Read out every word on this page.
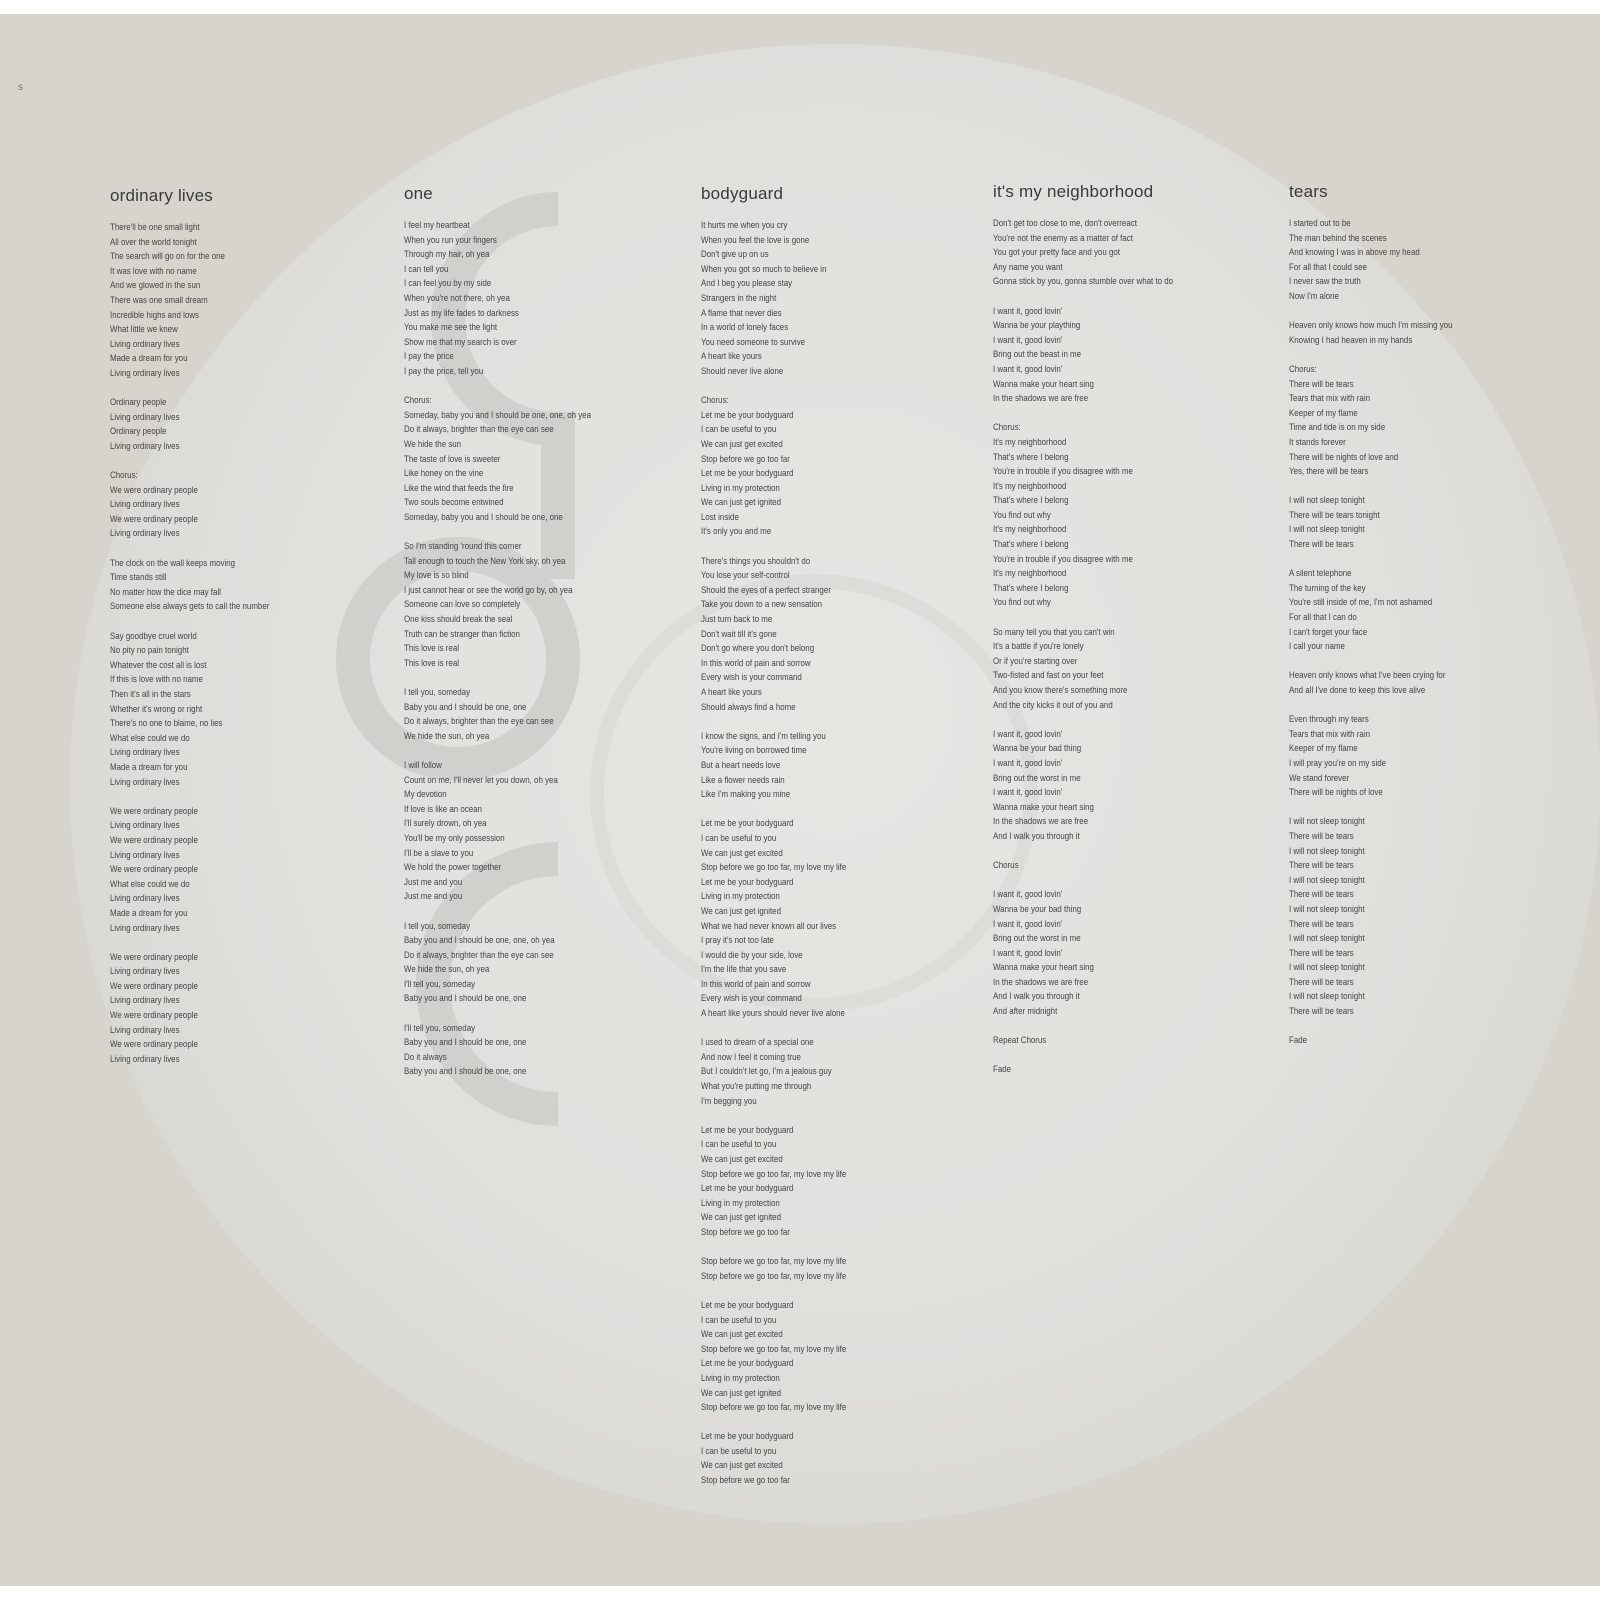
s
ordinary lives
There'll be one small light
All over the world tonight
The search will go on for the one
It was love with no name
And we glowed in the sun
There was one small dream
Incredible highs and lows
What little we knew
Living ordinary lives
Made a dream for you
Living ordinary lives

Ordinary people
Living ordinary lives
Ordinary people
Living ordinary lives

Chorus:
We were ordinary people
Living ordinary lives
We were ordinary people
Living ordinary lives

The clock on the wall keeps moving
Time stands still
No matter how the dice may fall
Someone else always gets to call the number

Say goodbye cruel world
No pity no pain tonight
Whatever the cost all is lost
If this is love with no name
Then it's all in the stars
Whether it's wrong or right
There's no one to blame, no lies
What else could we do
Living ordinary lives
Made a dream for you
Living ordinary lives

We were ordinary people
Living ordinary lives
We were ordinary people
Living ordinary lives
We were ordinary people
What else could we do
Living ordinary lives
Made a dream for you
Living ordinary lives

We were ordinary people
Living ordinary lives
We were ordinary people
Living ordinary lives
We were ordinary people
Living ordinary lives
We were ordinary people
Living ordinary lives
one
I feel my heartbeat
When you run your fingers
Through my hair, oh yea
I can tell you
I can feel you by my side
When you're not there, oh yea
Just as my life fades to darkness
You make me see the light
Show me that my search is over
I pay the price
I pay the price, tell you

Chorus:
Someday, baby you and I should be one, one, oh yea
Do it always, brighter than the eye can see
We hide the sun
The taste of love is sweeter
Like honey on the vine
Like the wind that feeds the fire
Two souls become entwined
Someday, baby you and I should be one, one

So I'm standing 'round this corner
Tall enough to touch the New York sky, oh yea
My love is so blind
I just cannot hear or see the world go by, oh yea
Someone can love so completely
One kiss should break the seal
Truth can be stranger than fiction
This love is real
This love is real

I tell you, someday
Baby you and I should be one, one
Do it always, brighter than the eye can see
We hide the sun, oh yea

I will follow
Count on me, I'll never let you down, oh yea
My devotion
If love is like an ocean
I'll surely drown, oh yea
You'll be my only possession
I'll be a slave to you
We hold the power together
Just me and you
Just me and you

I tell you, someday
Baby you and I should be one, one, oh yea
Do it always, brighter than the eye can see
We hide the sun, oh yea
I'll tell you, someday
Baby you and I should be one, one

I'll tell you, someday
Baby you and I should be one, one
Do it always
Baby you and I should be one, one
bodyguard
It hurts me when you cry
When you feel the love is gone
Don't give up on us
When you got so much to believe in
And I beg you please stay
Strangers in the night
A flame that never dies
In a world of lonely faces
You need someone to survive
A heart like yours
Should never live alone

Chorus:
Let me be your bodyguard
I can be useful to you
We can just get excited
Stop before we go too far
Let me be your bodyguard
Living in my protection
We can just get ignited
Lost inside
It's only you and me

There's things you shouldn't do
You lose your self-control
Should the eyes of a perfect stranger
Take you down to a new sensation
Just turn back to me
Don't wait till it's gone
Don't go where you don't belong
In this world of pain and sorrow
Every wish is your command
A heart like yours
Should always find a home

I know the signs, and I'm telling you
You're living on borrowed time
But a heart needs love
Like a flower needs rain
Like I'm making you mine

Let me be your bodyguard
I can be useful to you
We can just get excited
Stop before we go too far, my love my life
Let me be your bodyguard
Living in my protection
We can just get ignited
What we had never known all our lives
I pray it's not too late
I would die by your side, love
I'm the life that you save
In this world of pain and sorrow
Every wish is your command
A heart like yours should never live alone

I used to dream of a special one
And now I feel it coming true
But I couldn't let go, I'm a jealous guy
What you're putting me through
I'm begging you

Let me be your bodyguard
I can be useful to you
We can just get excited
Stop before we go too far, my love my life
Let me be your bodyguard
Living in my protection
We can just get ignited
Stop before we go too far

Stop before we go too far, my love my life
Stop before we go too far, my love my life

Let me be your bodyguard
I can be useful to you
We can just get excited
Stop before we go too far, my love my life
Let me be your bodyguard
Living in my protection
We can just get ignited
Stop before we go too far, my love my life

Let me be your bodyguard
I can be useful to you
We can just get excited
Stop before we go too far
it's my neighborhood
Don't get too close to me, don't overreact
You're not the enemy as a matter of fact
You got your pretty face and you got
Any name you want
Gonna stick by you, gonna stumble over what to do

I want it, good lovin'
Wanna be your plaything
I want it, good lovin'
Bring out the beast in me
I want it, good lovin'
Wanna make your heart sing
In the shadows we are free

Chorus:
It's my neighborhood
That's where I belong
You're in trouble if you disagree with me
It's my neighborhood
That's where I belong
You find out why
It's my neighborhood
That's where I belong
You're in trouble if you disagree with me
It's my neighborhood
That's where I belong
You find out why

So many tell you that you can't win
It's a battle if you're lonely
Or if you're starting over
Two-fisted and fast on your feet
And you know there's something more
And the city kicks it out of you and

I want it, good lovin'
Wanna be your bad thing
I want it, good lovin'
Bring out the worst in me
I want it, good lovin'
Wanna make your heart sing
In the shadows we are free
And I walk you through it

Chorus

I want it, good lovin'
Wanna be your bad thing
I want it, good lovin'
Bring out the worst in me
I want it, good lovin'
Wanna make your heart sing
In the shadows we are free
And I walk you through it
And after midnight

Repeat Chorus

Fade
tears
I started out to be
The man behind the scenes
And knowing I was in above my head
For all that I could see
I never saw the truth
Now I'm alone

Heaven only knows how much I'm missing you
Knowing I had heaven in my hands

Chorus:
There will be tears
Tears that mix with rain
Keeper of my flame
Time and tide is on my side
It stands forever
There will be nights of love and
Yes, there will be tears

I will not sleep tonight
There will be tears tonight
I will not sleep tonight
There will be tears

A silent telephone
The turning of the key
You're still inside of me, I'm not ashamed
For all that I can do
I can't forget your face
I call your name

Heaven only knows what I've been crying for
And all I've done to keep this love alive

Even through my tears
Tears that mix with rain
Keeper of my flame
I will pray you're on my side
We stand forever
There will be nights of love

I will not sleep tonight
There will be tears
I will not sleep tonight
There will be tears
I will not sleep tonight
There will be tears
I will not sleep tonight
There will be tears
I will not sleep tonight
There will be tears
I will not sleep tonight
There will be tears
I will not sleep tonight
There will be tears

Fade
